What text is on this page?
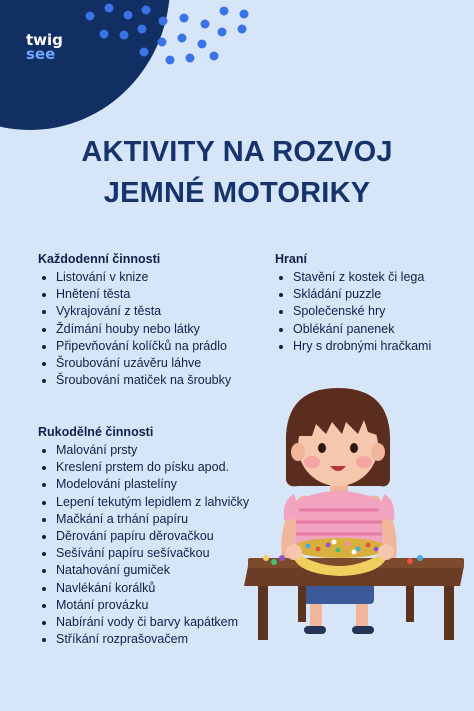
twig
see
AKTIVITY NA ROZVOJ
JEMNÉ MOTORIKY
Každodenní činnosti
Listování v knize
Hnětení těsta
Vykrajování z těsta
Ždímání houby nebo látky
Připevňování kolíčků na prádlo
Šroubování uzávěru láhve
Šroubování matiček na šroubky
Hraní
Stavění z kostek či lega
Skládání puzzle
Společenské hry
Oblékání panenek
Hry s drobnými hračkami
Rukodělné činnosti
Malování prsty
Kreslení prstem do písku apod.
Modelování plastelíny
Lepení tekutým lepidlem z lahvičky
Mačkání a trhání papíru
Děrování papíru děrovačkou
Sešívání papíru sešívačkou
Natahování gumiček
Navlékání korálků
Motání provázku
Nabírání vody či barvy kapátkem
Stříkání rozprašovačem
